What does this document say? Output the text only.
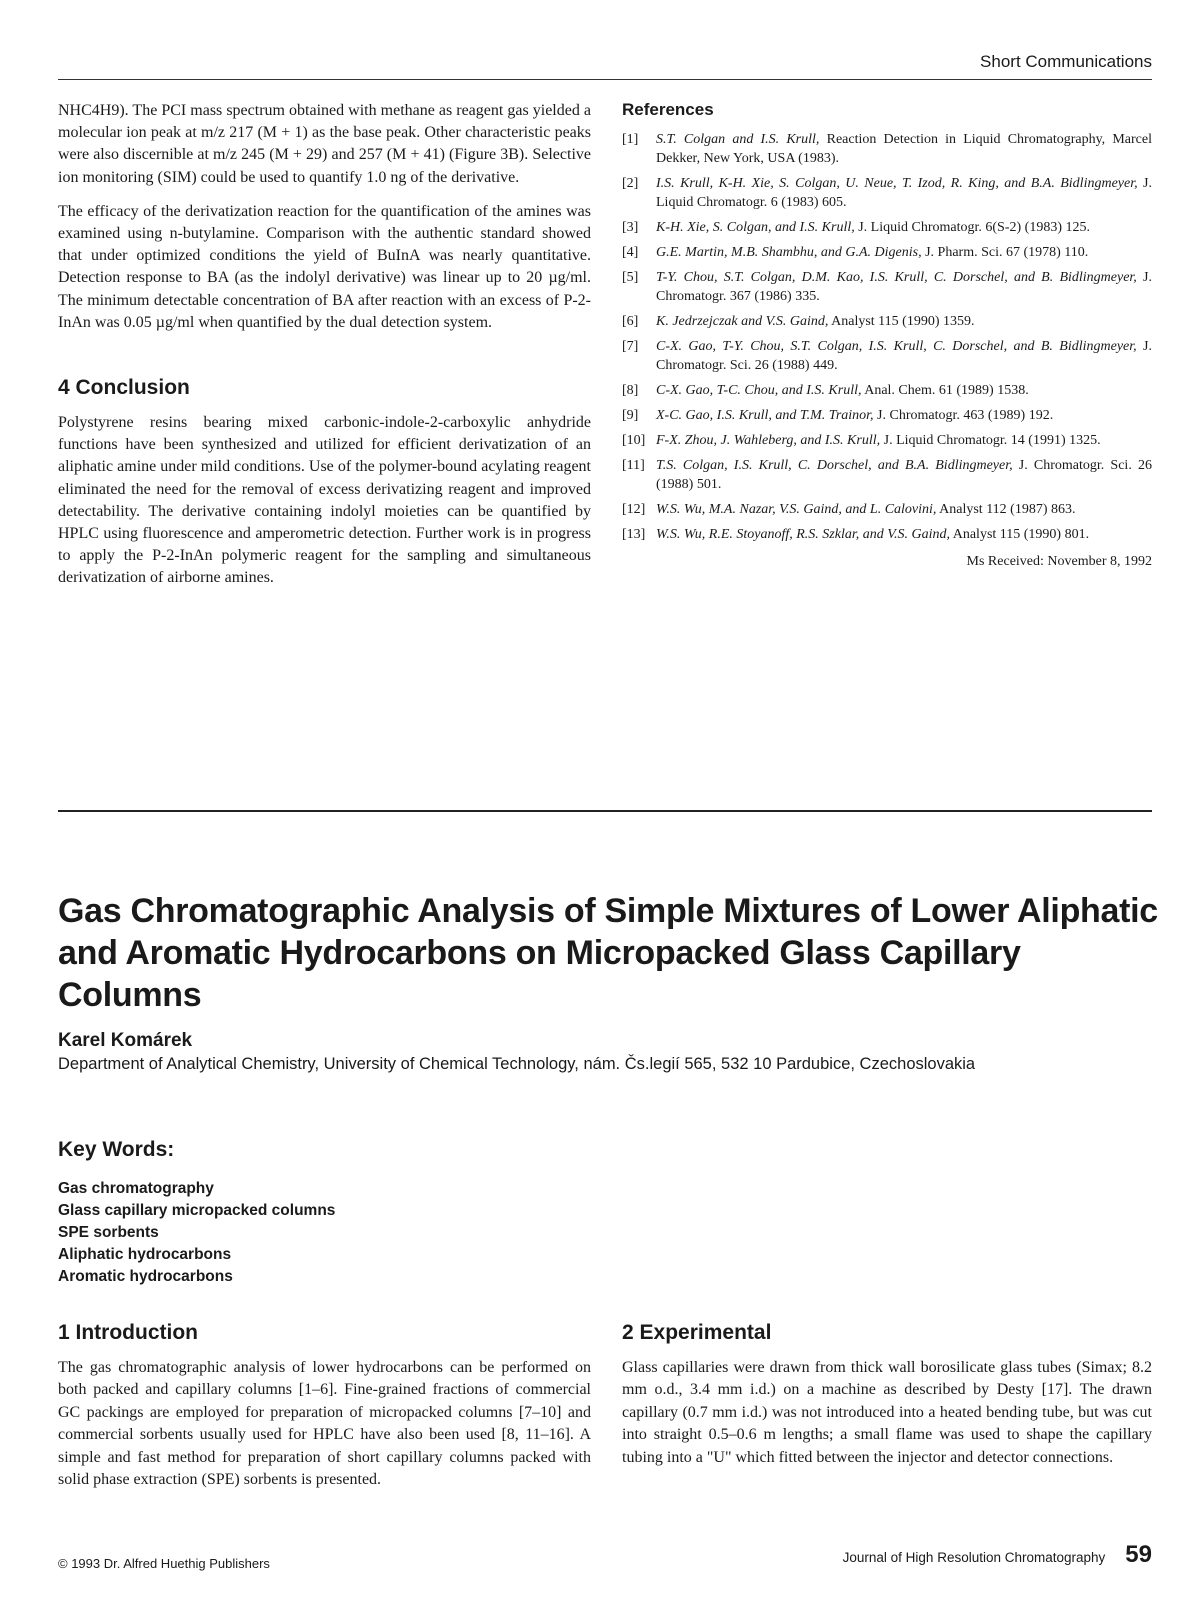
Short Communications

NHC4H9). The PCI mass spectrum obtained with methane as reagent gas yielded a molecular ion peak at m/z 217 (M + 1) as the base peak. Other characteristic peaks were also discernible at m/z 245 (M + 29) and 257 (M + 41) (Figure 3B). Selective ion monitoring (SIM) could be used to quantify 1.0 ng of the derivative.

The efficacy of the derivatization reaction for the quantification of the amines was examined using n-butylamine. Comparison with the authentic standard showed that under optimized conditions the yield of BuInA was nearly quantitative. Detection response to BA (as the indolyl derivative) was linear up to 20 µg/ml. The minimum detectable concentration of BA after reaction with an excess of P-2-InAn was 0.05 µg/ml when quantified by the dual detection system.

4 Conclusion

Polystyrene resins bearing mixed carbonic-indole-2-carboxylic anhydride functions have been synthesized and utilized for efficient derivatization of an aliphatic amine under mild conditions. Use of the polymer-bound acylating reagent eliminated the need for the removal of excess derivatizing reagent and improved detectability. The derivative containing indolyl moieties can be quantified by HPLC using fluorescence and amperometric detection. Further work is in progress to apply the P-2-InAn polymeric reagent for the sampling and simultaneous derivatization of airborne amines.

References
[1]	S.T. Colgan and I.S. Krull, Reaction Detection in Liquid Chromatography, Marcel Dekker, New York, USA (1983).
[2]	I.S. Krull, K-H. Xie, S. Colgan, U. Neue, T. Izod, R. King, and B.A. Bidlingmeyer, J. Liquid Chromatogr. 6 (1983) 605.
[3]	K-H. Xie, S. Colgan, and I.S. Krull, J. Liquid Chromatogr. 6(S-2) (1983) 125.
[4]	G.E. Martin, M.B. Shambhu, and G.A. Digenis, J. Pharm. Sci. 67 (1978) 110.
[5]	T-Y. Chou, S.T. Colgan, D.M. Kao, I.S. Krull, C. Dorschel, and B. Bidlingmeyer, J. Chromatogr. 367 (1986) 335.
[6]	K. Jedrzejczak and V.S. Gaind, Analyst 115 (1990) 1359.
[7]	C-X. Gao, T-Y. Chou, S.T. Colgan, I.S. Krull, C. Dorschel, and B. Bidlingmeyer, J. Chromatogr. Sci. 26 (1988) 449.
[8]	C-X. Gao, T-C. Chou, and I.S. Krull, Anal. Chem. 61 (1989) 1538.
[9]	X-C. Gao, I.S. Krull, and T.M. Trainor, J. Chromatogr. 463 (1989) 192.
[10] F-X. Zhou, J. Wahleberg, and I.S. Krull, J. Liquid Chromatogr. 14 (1991) 1325.
[11] T.S. Colgan, I.S. Krull, C. Dorschel, and B.A. Bidlingmeyer, J. Chromatogr. Sci. 26 (1988) 501.
[12] W.S. Wu, M.A. Nazar, V.S. Gaind, and L. Calovini, Analyst 112 (1987) 863.
[13] W.S. Wu, R.E. Stoyanoff, R.S. Szklar, and V.S. Gaind, Analyst 115 (1990) 801.
Ms Received: November 8, 1992
Gas Chromatographic Analysis of Simple Mixtures of Lower Aliphatic and Aromatic Hydrocarbons on Micropacked Glass Capillary Columns
Karel Komárek
Department of Analytical Chemistry, University of Chemical Technology, nám. Čs.legií 565, 532 10 Pardubice, Czechoslovakia
Key Words:
Gas chromatography
Glass capillary micropacked columns
SPE sorbents
Aliphatic hydrocarbons
Aromatic hydrocarbons
1 Introduction

The gas chromatographic analysis of lower hydrocarbons can be performed on both packed and capillary columns [1–6]. Fine-grained fractions of commercial GC packings are employed for preparation of micropacked columns [7–10] and commercial sorbents usually used for HPLC have also been used [8, 11–16]. A simple and fast method for preparation of short capillary columns packed with solid phase extraction (SPE) sorbents is presented.

2 Experimental

Glass capillaries were drawn from thick wall borosilicate glass tubes (Simax; 8.2 mm o.d., 3.4 mm i.d.) on a machine as described by Desty [17]. The drawn capillary (0.7 mm i.d.) was not introduced into a heated bending tube, but was cut into straight 0.5–0.6 m lengths; a small flame was used to shape the capillary tubing into a "U" which fitted between the injector and detector connections.

© 1993 Dr. Alfred Huethig Publishers	Journal of High Resolution Chromatography 59
